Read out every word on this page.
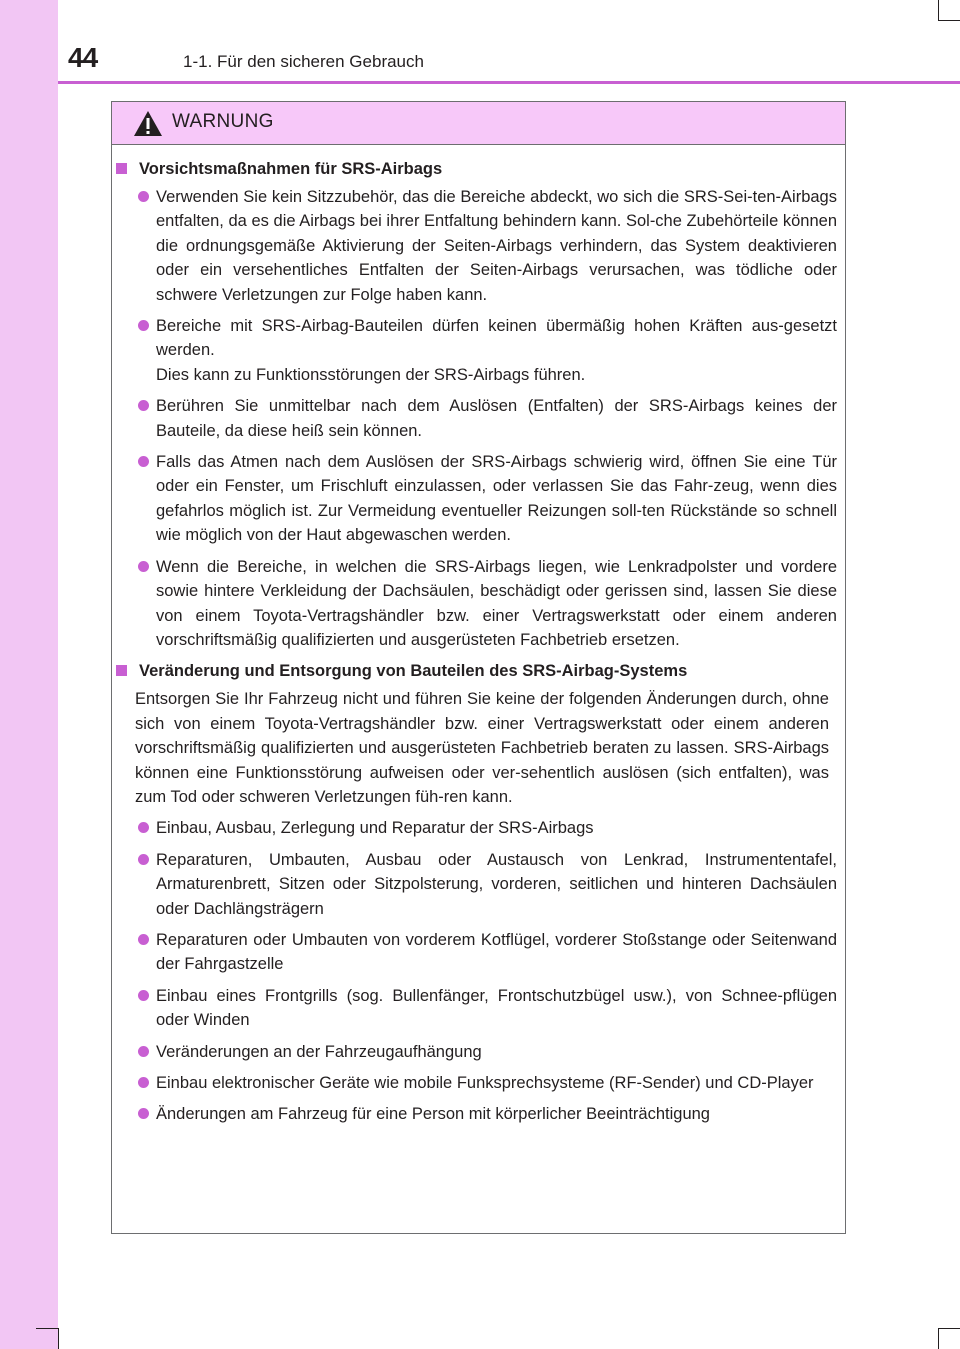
44	1-1. Für den sicheren Gebrauch
WARNUNG
Vorsichtsmaßnahmen für SRS-Airbags
Verwenden Sie kein Sitzzubehör, das die Bereiche abdeckt, wo sich die SRS-Sei-ten-Airbags entfalten, da es die Airbags bei ihrer Entfaltung behindern kann. Sol-che Zubehörteile können die ordnungsgemäße Aktivierung der Seiten-Airbags verhindern, das System deaktivieren oder ein versehentliches Entfalten der Seiten-Airbags verursachen, was tödliche oder schwere Verletzungen zur Folge haben kann.
Bereiche mit SRS-Airbag-Bauteilen dürfen keinen übermäßig hohen Kräften aus-gesetzt werden.
Dies kann zu Funktionsstörungen der SRS-Airbags führen.
Berühren Sie unmittelbar nach dem Auslösen (Entfalten) der SRS-Airbags keines der Bauteile, da diese heiß sein können.
Falls das Atmen nach dem Auslösen der SRS-Airbags schwierig wird, öffnen Sie eine Tür oder ein Fenster, um Frischluft einzulassen, oder verlassen Sie das Fahr-zeug, wenn dies gefahrlos möglich ist. Zur Vermeidung eventueller Reizungen soll-ten Rückstände so schnell wie möglich von der Haut abgewaschen werden.
Wenn die Bereiche, in welchen die SRS-Airbags liegen, wie Lenkradpolster und vordere sowie hintere Verkleidung der Dachsäulen, beschädigt oder gerissen sind, lassen Sie diese von einem Toyota-Vertragshändler bzw. einer Vertragswerkstatt oder einem anderen vorschriftsmäßig qualifizierten und ausgerüsteten Fachbetrieb ersetzen.
Veränderung und Entsorgung von Bauteilen des SRS-Airbag-Systems
Entsorgen Sie Ihr Fahrzeug nicht und führen Sie keine der folgenden Änderungen durch, ohne sich von einem Toyota-Vertragshändler bzw. einer Vertragswerkstatt oder einem anderen vorschriftsmäßig qualifizierten und ausgerüsteten Fachbetrieb beraten zu lassen. SRS-Airbags können eine Funktionsstörung aufweisen oder ver-sehentlich auslösen (sich entfalten), was zum Tod oder schweren Verletzungen füh-ren kann.
Einbau, Ausbau, Zerlegung und Reparatur der SRS-Airbags
Reparaturen, Umbauten, Ausbau oder Austausch von Lenkrad, Instrumententafel, Armaturenbrett, Sitzen oder Sitzpolsterung, vorderen, seitlichen und hinteren Dachsäulen oder Dachlängsträgern
Reparaturen oder Umbauten von vorderem Kotflügel, vorderer Stoßstange oder Seitenwand der Fahrgastzelle
Einbau eines Frontgrills (sog. Bullenfänger, Frontschutzbügel usw.), von Schnee-pflügen oder Winden
Veränderungen an der Fahrzeugaufhängung
Einbau elektronischer Geräte wie mobile Funksprechsysteme (RF-Sender) und CD-Player
Änderungen am Fahrzeug für eine Person mit körperlicher Beeinträchtigung
